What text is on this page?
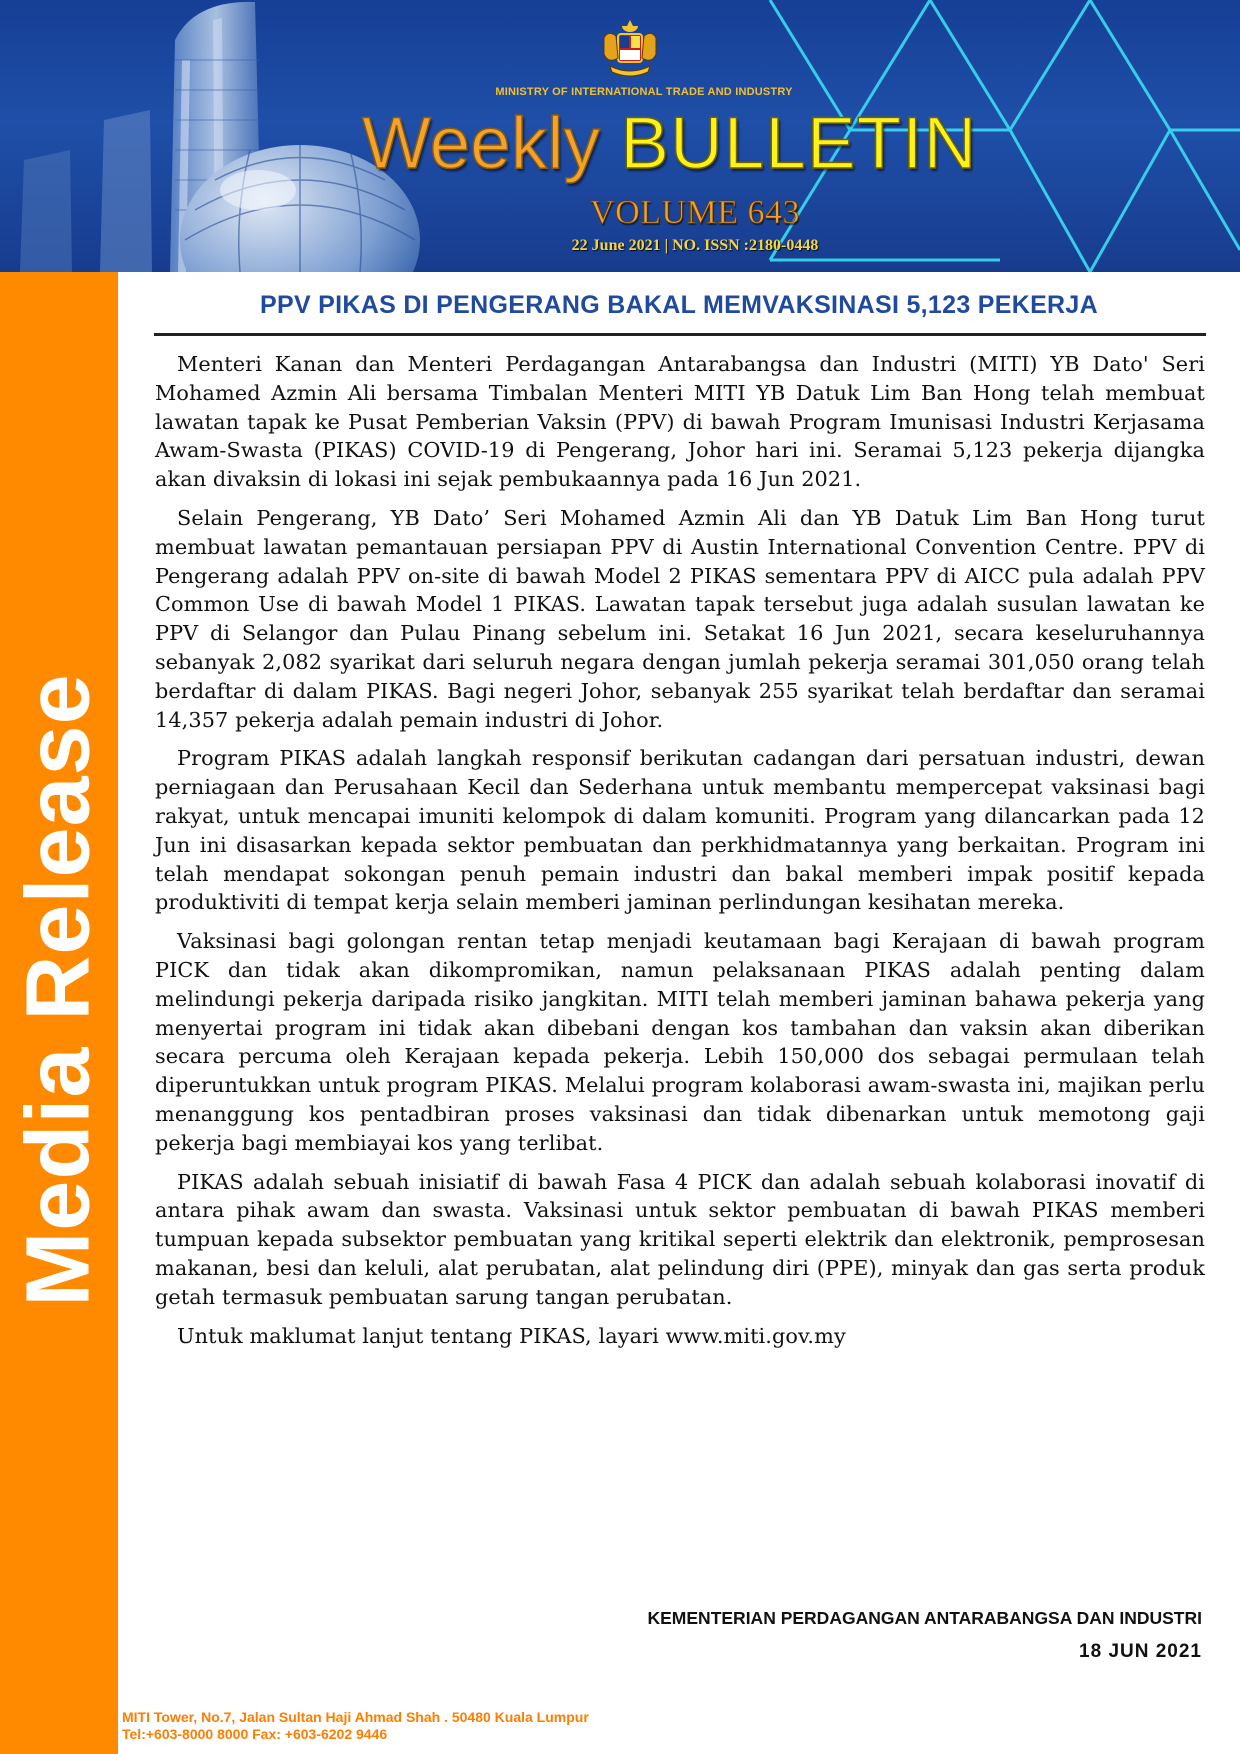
MINISTRY OF INTERNATIONAL TRADE AND INDUSTRY
Weekly BULLETIN
VOLUME 643
22 June 2021 | NO. ISSN :2180-0448
Media Release
PPV PIKAS DI PENGERANG BAKAL MEMVAKSINASI 5,123 PEKERJA

Menteri Kanan dan Menteri Perdagangan Antarabangsa dan Industri (MITI) YB Dato' Seri Mohamed Azmin Ali bersama Timbalan Menteri MITI YB Datuk Lim Ban Hong telah membuat lawatan tapak ke Pusat Pemberian Vaksin (PPV) di bawah Program Imunisasi Industri Kerjasama Awam-Swasta (PIKAS) COVID-19 di Pengerang, Johor hari ini. Seramai 5,123 pekerja dijangka akan divaksin di lokasi ini sejak pembukaannya pada 16 Jun 2021.

Selain Pengerang, YB Dato’ Seri Mohamed Azmin Ali dan YB Datuk Lim Ban Hong turut membuat lawatan pemantauan persiapan PPV di Austin International Convention Centre. PPV di Pengerang adalah PPV on-site di bawah Model 2 PIKAS sementara PPV di AICC pula adalah PPV Common Use di bawah Model 1 PIKAS. Lawatan tapak tersebut juga adalah susulan lawatan ke PPV di Selangor dan Pulau Pinang sebelum ini. Setakat 16 Jun 2021, secara keseluruhannya sebanyak 2,082 syarikat dari seluruh negara dengan jumlah pekerja seramai 301,050 orang telah berdaftar di dalam PIKAS. Bagi negeri Johor, sebanyak 255 syarikat telah berdaftar dan seramai 14,357 pekerja adalah pemain industri di Johor.

Program PIKAS adalah langkah responsif berikutan cadangan dari persatuan industri, dewan perniagaan dan Perusahaan Kecil dan Sederhana untuk membantu mempercepat vaksinasi bagi rakyat, untuk mencapai imuniti kelompok di dalam komuniti. Program yang dilancarkan pada 12 Jun ini disasarkan kepada sektor pembuatan dan perkhidmatannya yang berkaitan. Program ini telah mendapat sokongan penuh pemain industri dan bakal memberi impak positif kepada produktiviti di tempat kerja selain memberi jaminan perlindungan kesihatan mereka.

Vaksinasi bagi golongan rentan tetap menjadi keutamaan bagi Kerajaan di bawah program PICK dan tidak akan dikompromikan, namun pelaksanaan PIKAS adalah penting dalam melindungi pekerja daripada risiko jangkitan. MITI telah memberi jaminan bahawa pekerja yang menyertai program ini tidak akan dibebani dengan kos tambahan dan vaksin akan diberikan secara percuma oleh Kerajaan kepada pekerja. Lebih 150,000 dos sebagai permulaan telah diperuntukkan untuk program PIKAS. Melalui program kolaborasi awam-swasta ini, majikan perlu menanggung kos pentadbiran proses vaksinasi dan tidak dibenarkan untuk memotong gaji pekerja bagi membiayai kos yang terlibat.

PIKAS adalah sebuah inisiatif di bawah Fasa 4 PICK dan adalah sebuah kolaborasi inovatif di antara pihak awam dan swasta. Vaksinasi untuk sektor pembuatan di bawah PIKAS memberi tumpuan kepada subsektor pembuatan yang kritikal seperti elektrik dan elektronik, pemprosesan makanan, besi dan keluli, alat perubatan, alat pelindung diri (PPE), minyak dan gas serta produk getah termasuk pembuatan sarung tangan perubatan.

Untuk maklumat lanjut tentang PIKAS, layari www.miti.gov.my

KEMENTERIAN PERDAGANGAN ANTARABANGSA DAN INDUSTRI
18 JUN 2021
MITI Tower, No.7, Jalan Sultan Haji Ahmad Shah . 50480 Kuala Lumpur
Tel:+603-8000 8000 Fax: +603-6202 9446
